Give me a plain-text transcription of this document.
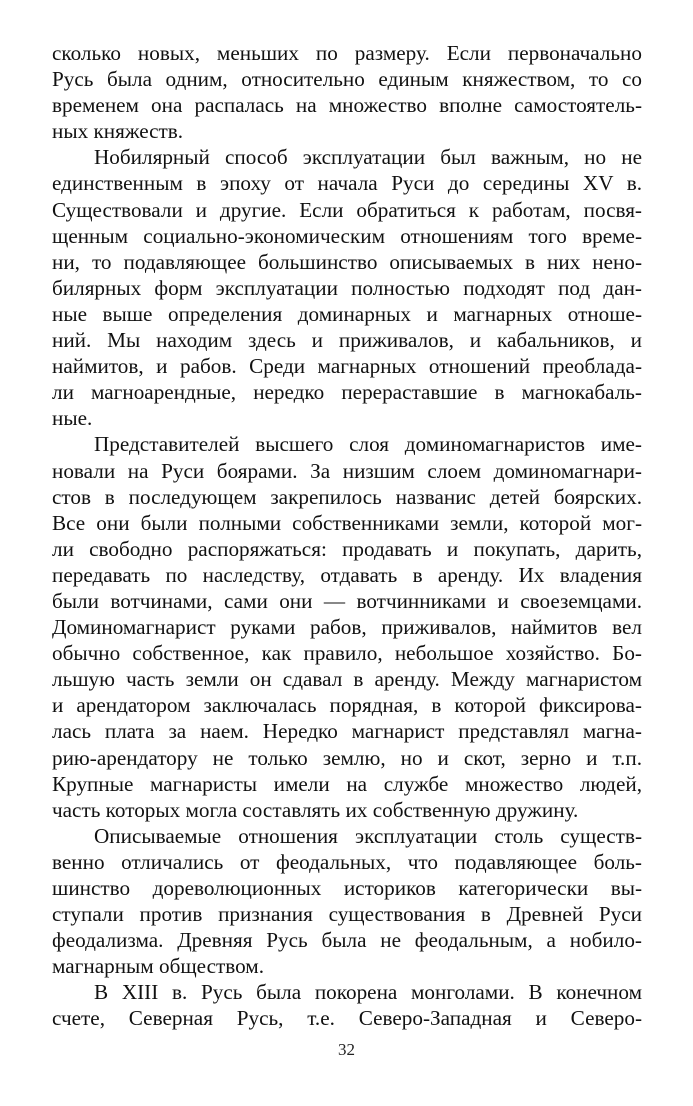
сколько новых, меньших по размеру. Если первоначально
Русь была одним, относительно единым княжеством, то со
временем она распалась на множество вполне самостоятель-
ных княжеств.
Нобилярный способ эксплуатации был важным, но не
единственным в эпоху от начала Руси до середины XV в.
Существовали и другие. Если обратиться к работам, посвя-
щенным социально-экономическим отношениям того време-
ни, то подавляющее большинство описываемых в них нено-
билярных форм эксплуатации полностью подходят под дан-
ные выше определения доминарных и магнарных отноше-
ний. Мы находим здесь и приживалов, и кабальников, и
наймитов, и рабов. Среди магнарных отношений преоблада-
ли магноарендные, нередко перераставшие в магнокабаль-
ные.
Представителей высшего слоя доминомагнаристов име-
новали на Руси боярами. За низшим слоем доминомагнари-
стов в последующем закрепилось названис детей боярских.
Все они были полными собственниками земли, которой мог-
ли свободно распоряжаться: продавать и покупать, дарить,
передавать по наследству, отдавать в аренду. Их владения
были вотчинами, сами они — вотчинниками и своеземцами.
Доминомагнарист руками рабов, приживалов, наймитов вел
обычно собственное, как правило, небольшое хозяйство. Бо-
льшую часть земли он сдавал в аренду. Между магнаристом
и арендатором заключалась порядная, в которой фиксирова-
лась плата за наем. Нередко магнарист представлял магна-
рию-арендатору не только землю, но и скот, зерно и т.п.
Крупные магнаристы имели на службе множество людей,
часть которых могла составлять их собственную дружину.
Описываемые отношения эксплуатации столь существ-
венно отличались от феодальных, что подавляющее боль-
шинство дореволюционных историков категорически вы-
ступали против признания существования в Древней Руси
феодализма. Древняя Русь была не феодальным, а нобило-
магнарным обществом.
В XIII в. Русь была покорена монголами. В конечном
счете, Северная Русь, т.е. Северо-Западная и Северо-
32
